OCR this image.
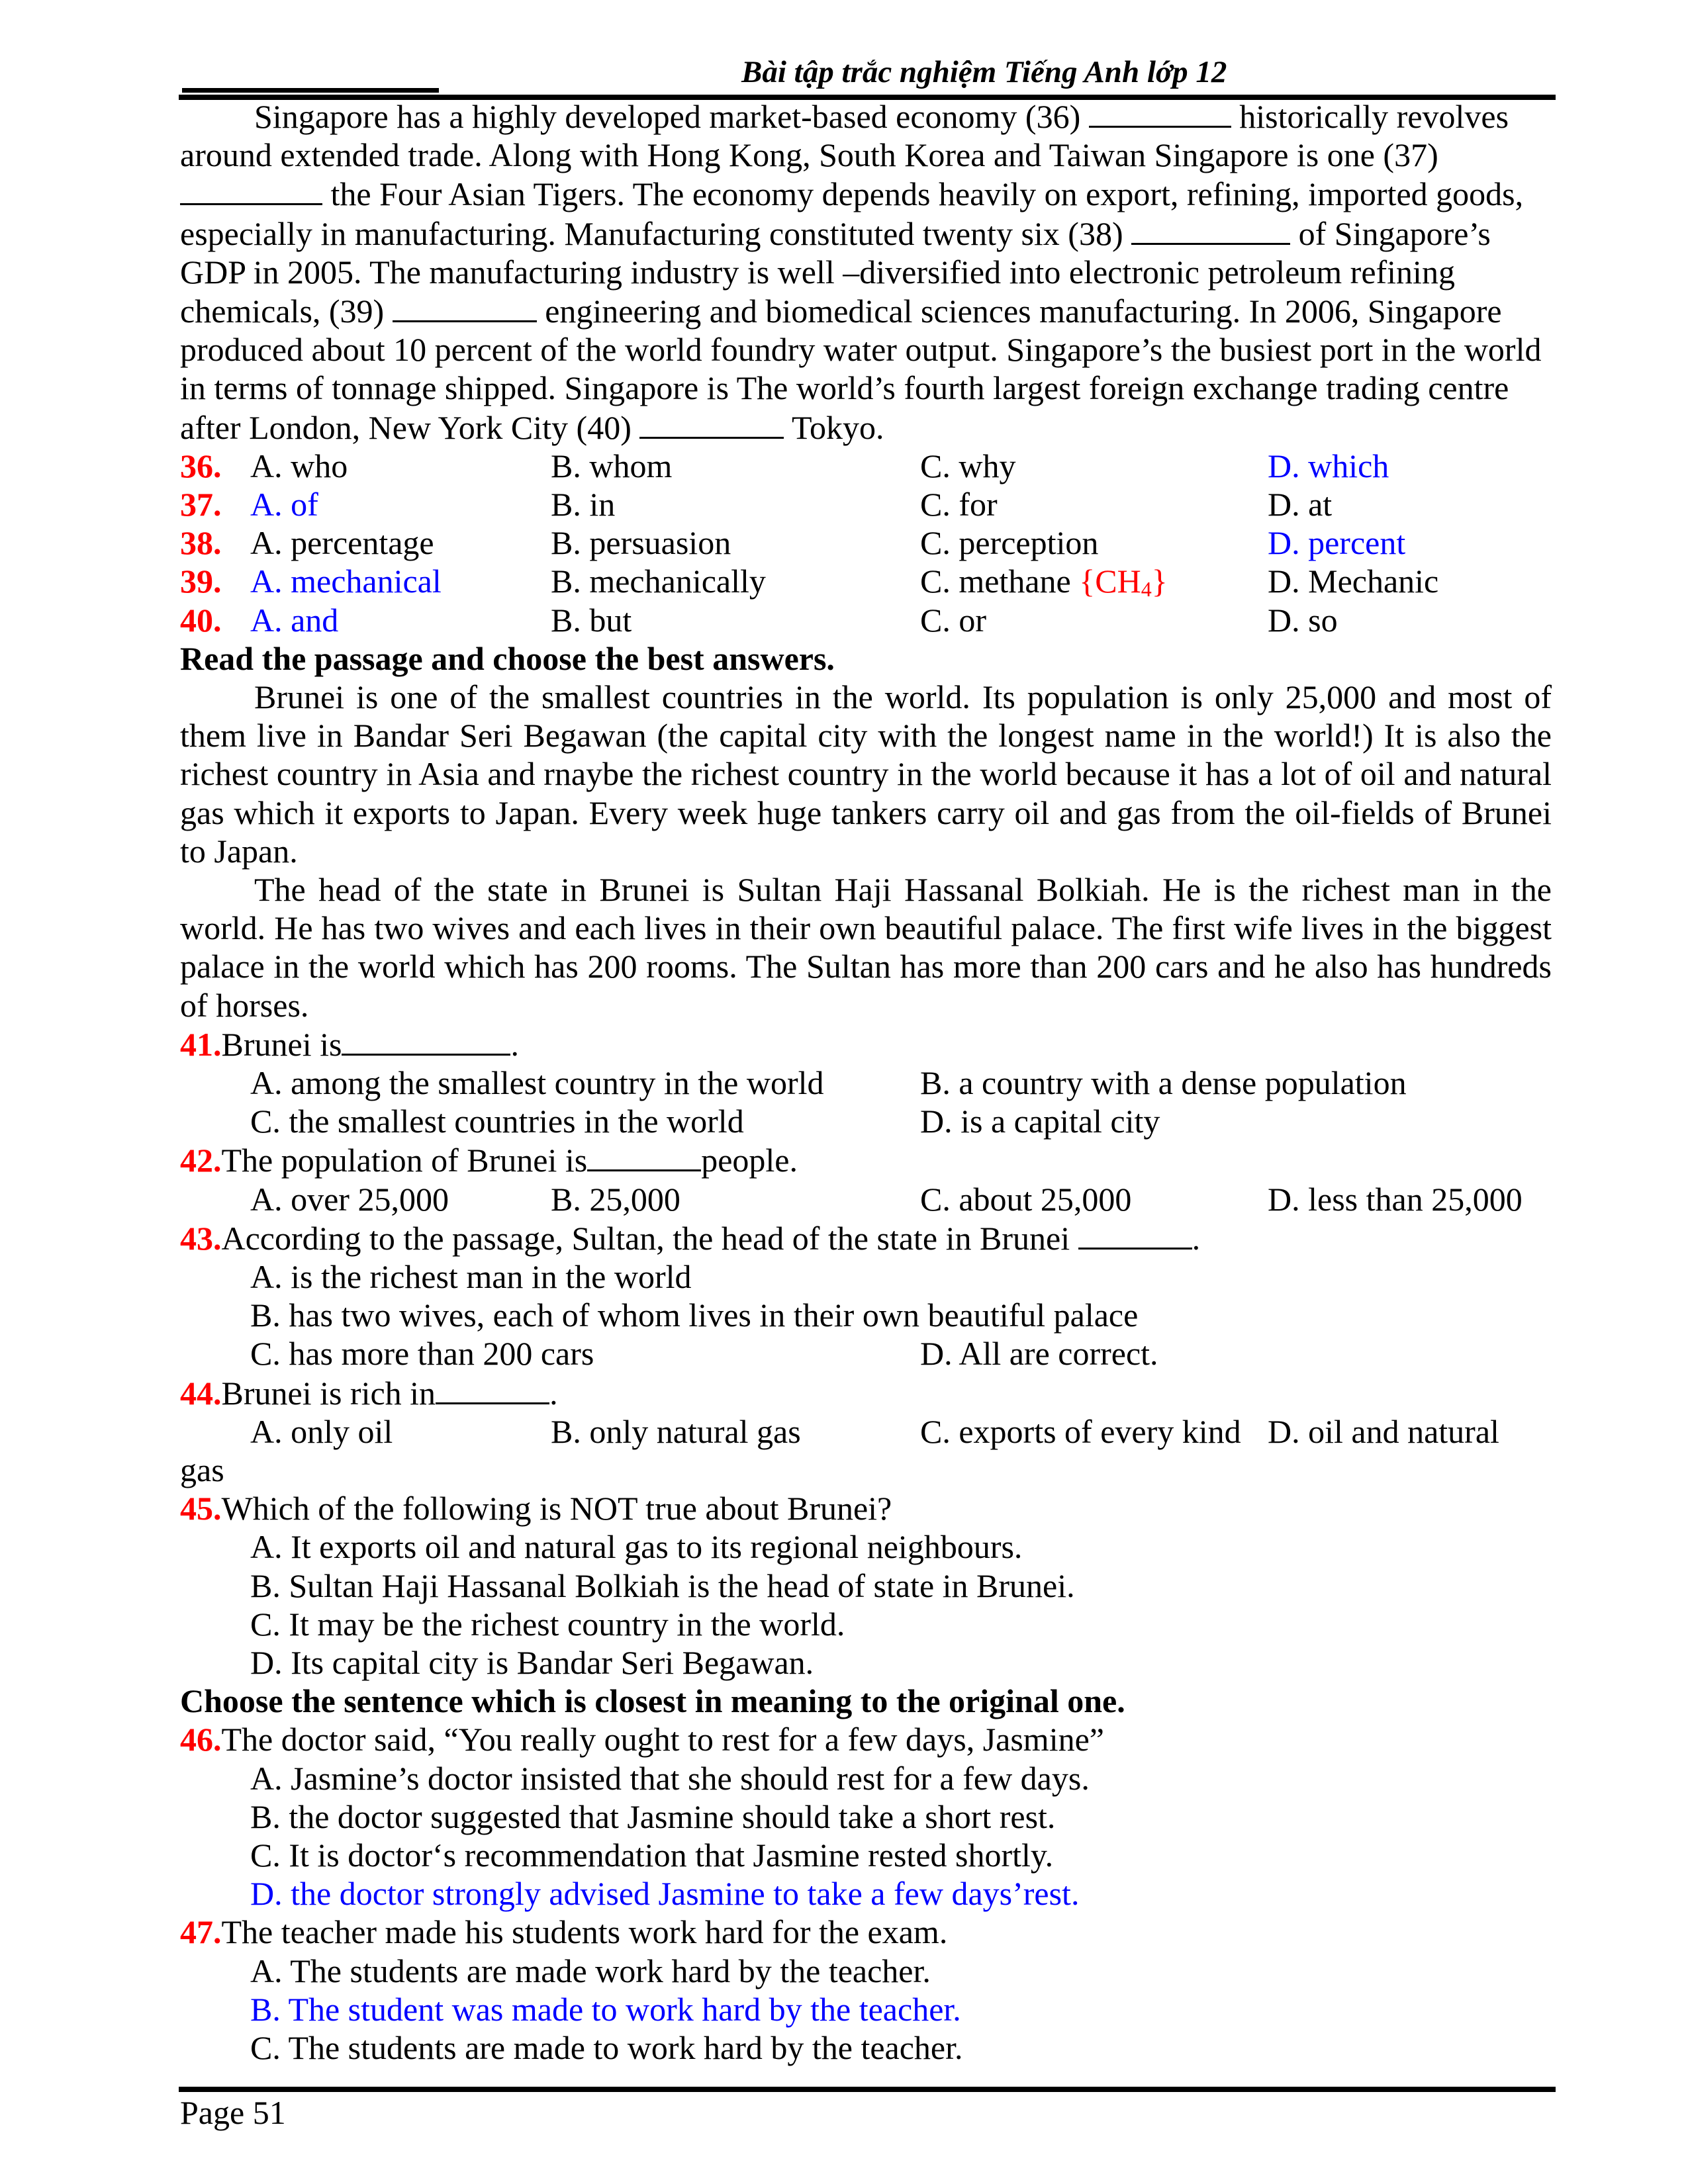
Bài tập trắc nghiệm Tiếng Anh lớp 12

Singapore has a highly developed market-based economy (36)	historically revolves around extended trade. Along with Hong Kong, South Korea and Taiwan Singapore is one (37) the Four Asian Tigers. The economy depends heavily on export, refining, imported goods, especially in manufacturing. Manufacturing constituted twenty six (38)	of Singapore’s GDP in 2005. The manufacturing industry is well –diversified into electronic petroleum refining chemicals, (39)	engineering and biomedical sciences manufacturing. In 2006, Singapore produced about 10 percent of the world foundry water output. Singapore’s the busiest port in the world in terms of tonnage shipped. Singapore is The world’s fourth largest foreign exchange trading centre after London, New York City (40)	Tokyo.

36. A. who	B. whom	C. why	D. which
37. A. of	B. in	C. for	D. at
38. A. percentage	B. persuasion	C. perception	D. percent
39. A. mechanical	B. mechanically	C. methane $\{CH_4\}$	D. Mechanic
40. A. and	B. but	C. or	D. so

Read the passage and choose the best answers.

Brunei is one of the smallest countries in the world. Its population is only 25,000 and most of them live in Bandar Seri Begawan (the capital city with the longest name in the world!) It is also the richest country in Asia and rnaybe the richest country in the world because it has a lot of oil and natural gas which it exports to Japan. Every week huge tankers carry oil and gas from the oil-fields of Brunei to Japan.

The head of the state in Brunei is Sultan Haji Hassanal Bolkiah. He is the richest man in the world. He has two wives and each lives in their own beautiful palace. The first wife lives in the biggest palace in the world which has 200 rooms. The Sultan has more than 200 cars and he also has hundreds of horses.

41.Brunei is	.
A. among the smallest country in the world	B. a country with a dense population
C. the smallest countries in the world	D. is a capital city
42.The population of Brunei is	people.
A. over 25,000	B. 25,000	C. about 25,000	D. less than 25,000
43.According to the passage, Sultan, the head of the state in Brunei	.
A. is the richest man in the world
B. has two wives, each of whom lives in their own beautiful palace
C. has more than 200 cars	D. All are correct.
44.Brunei is rich in	.
A. only oil	B. only natural gas	C. exports of every kind D. oil and natural
gas
45.Which of the following is NOT true about Brunei?
A. It exports oil and natural gas to its regional neighbours.
B. Sultan Haji Hassanal Bolkiah is the head of state in Brunei.
C. It may be the richest country in the world.
D. Its capital city is Bandar Seri Begawan.

Choose the sentence which is closest in meaning to the original one.

46.The doctor said, “You really ought to rest for a few days, Jasmine”
A. Jasmine’s doctor insisted that she should rest for a few days.
B. the doctor suggested that Jasmine should take a short rest.
C. It is doctor‘s recommendation that Jasmine rested shortly.
D. the doctor strongly advised Jasmine to take a few days’rest.
47.The teacher made his students work hard for the exam.
A. The students are made work hard by the teacher.
B. The student was made to work hard by the teacher.
C. The students are made to work hard by the teacher.
Page 51
